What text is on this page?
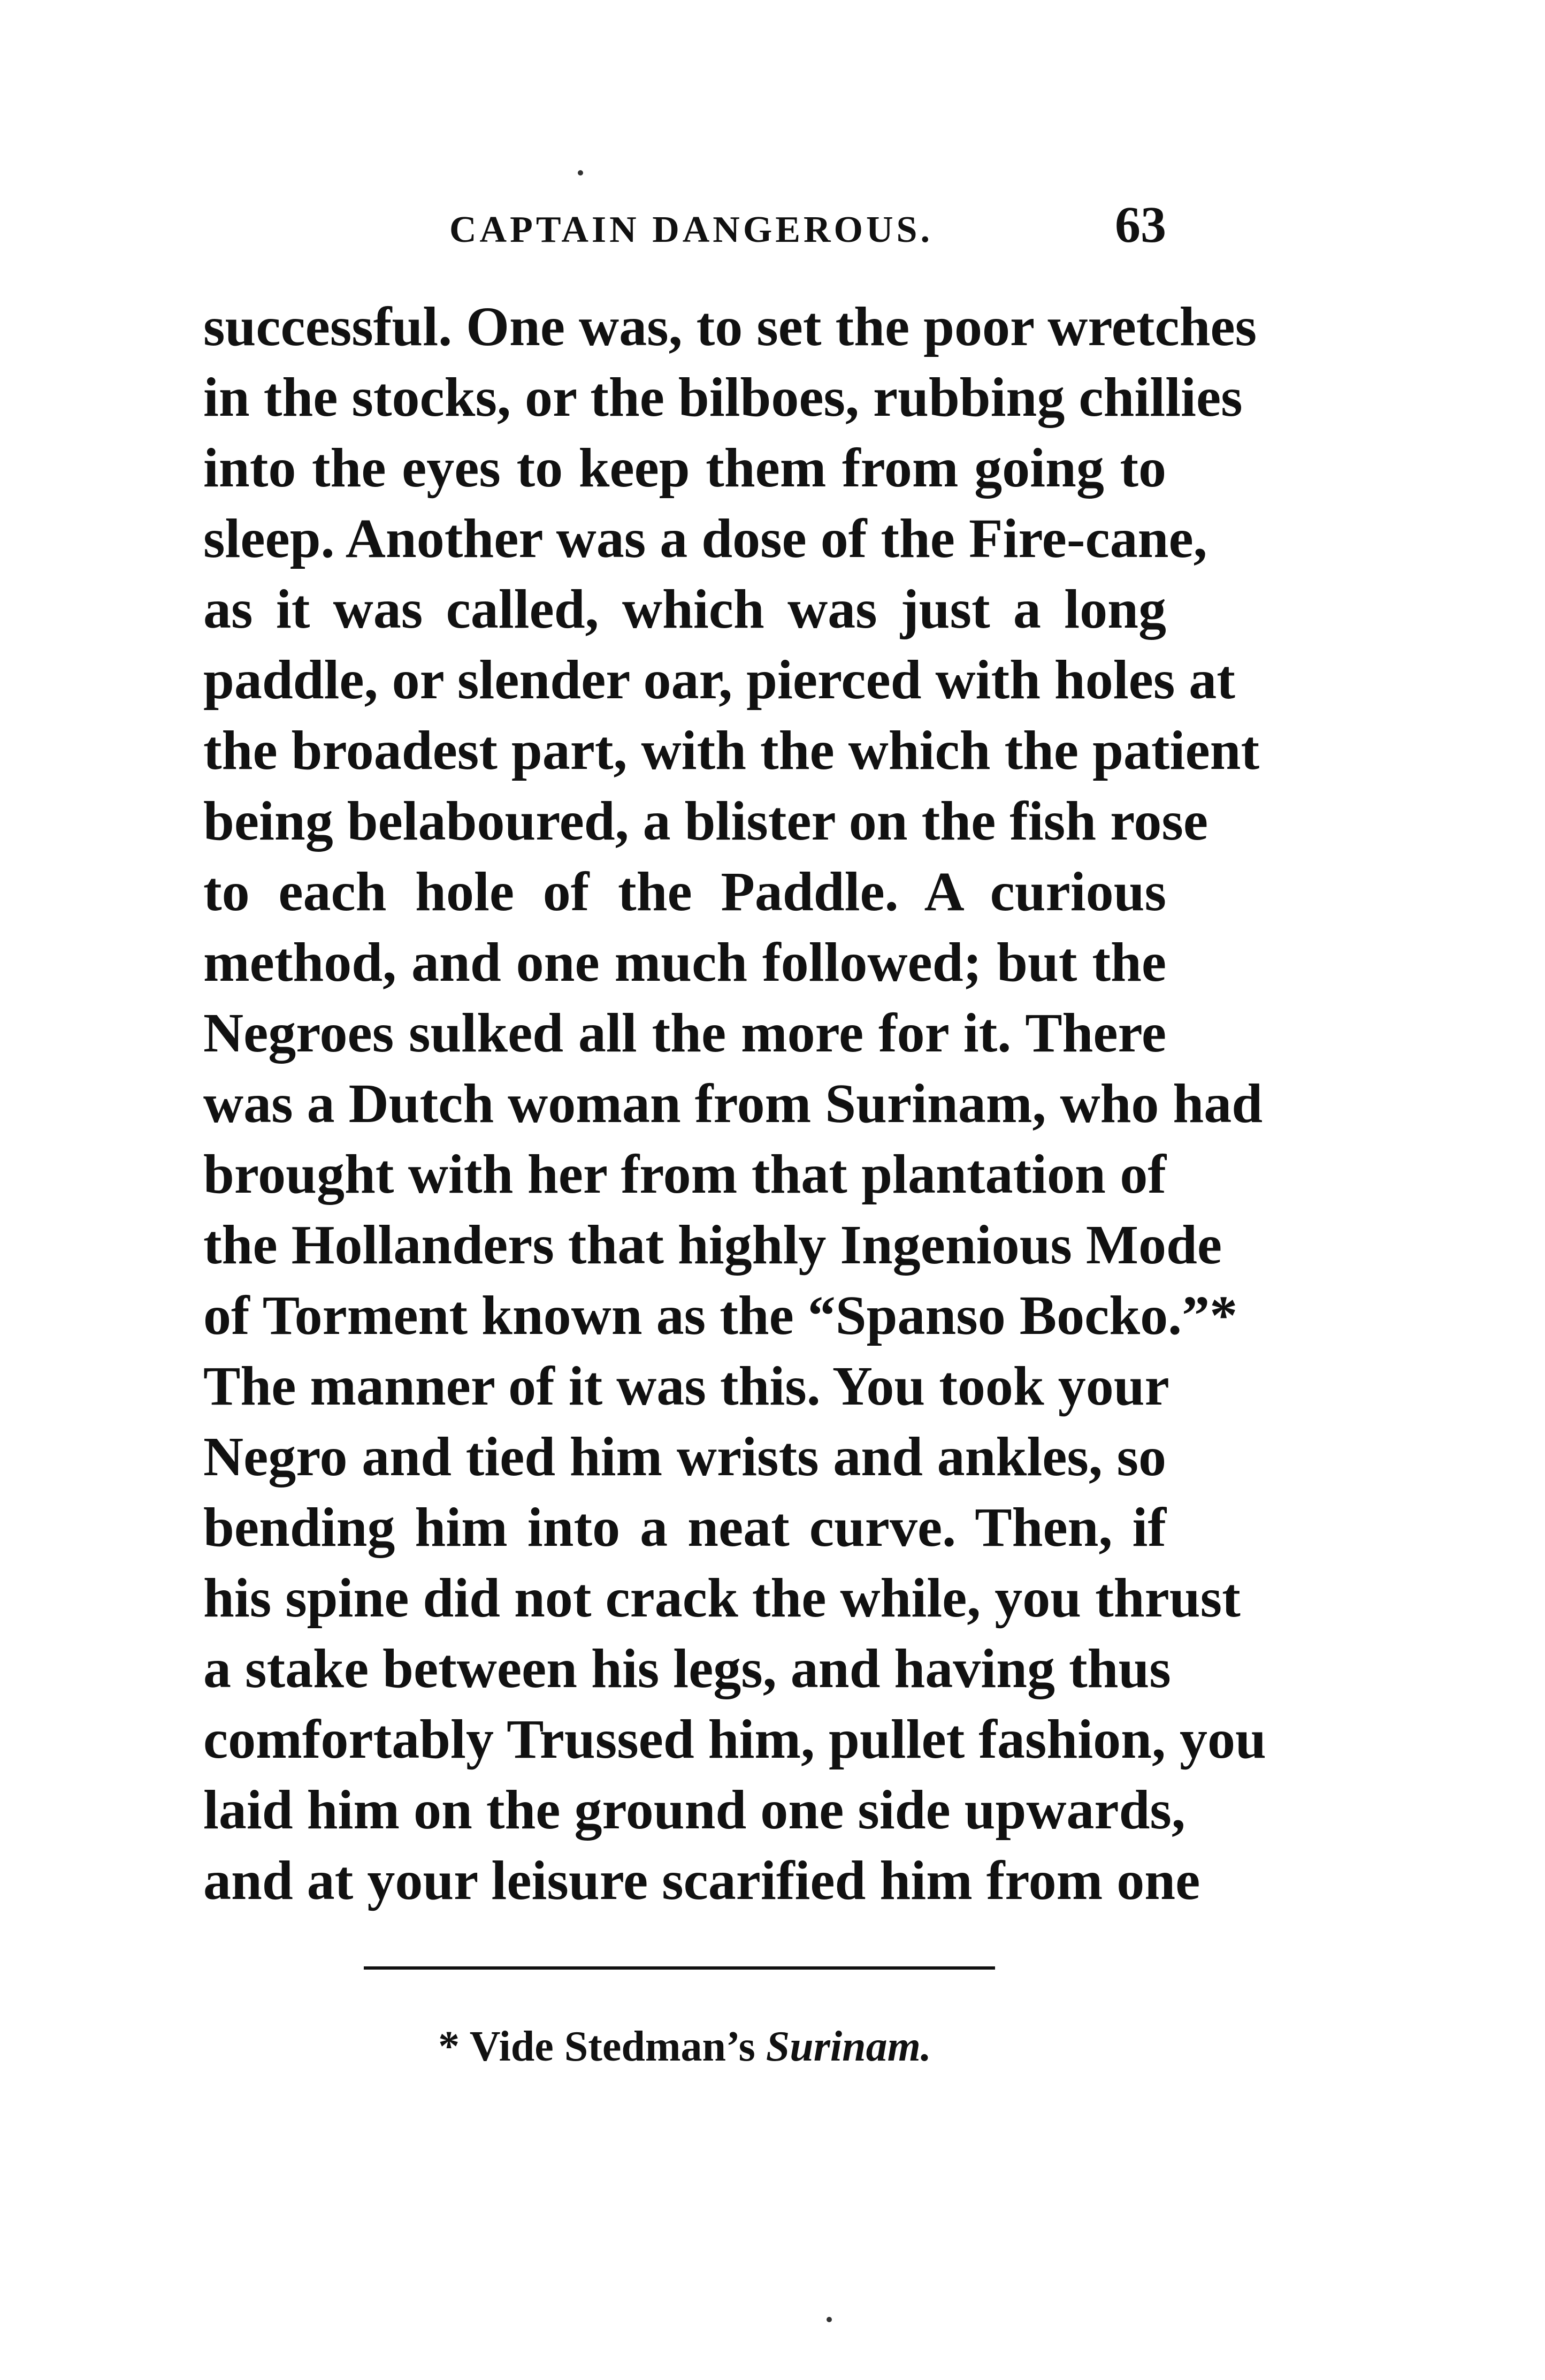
CAPTAIN DANGEROUS.	63
successful. One was, to set the poor wretches
in the stocks, or the bilboes, rubbing chillies
into the eyes to keep them from going to
sleep. Another was a dose of the Fire-cane,
as it was called, which was just a long
paddle, or slender oar, pierced with holes at
the broadest part, with the which the patient
being belaboured, a blister on the fish rose
to each hole of the Paddle. A curious
method, and one much followed; but the
Negroes sulked all the more for it. There
was a Dutch woman from Surinam, who had
brought with her from that plantation of
the Hollanders that highly Ingenious Mode
of Torment known as the “Spanso Bocko.”*
The manner of it was this. You took your
Negro and tied him wrists and ankles, so
bending him into a neat curve. Then, if
his spine did not crack the while, you thrust
a stake between his legs, and having thus
comfortably Trussed him, pullet fashion, you
laid him on the ground one side upwards,
and at your leisure scarified him from one
* Vide Stedman’s Surinam.
